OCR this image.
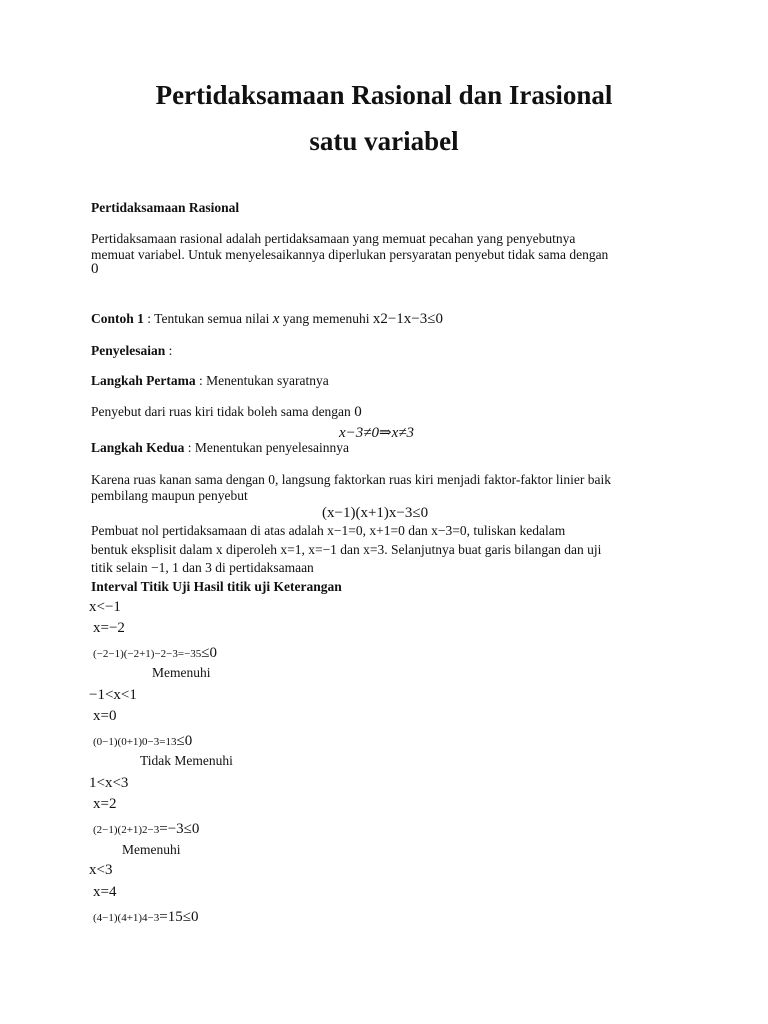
Pertidaksamaan Rasional dan Irasional
satu variabel
Pertidaksamaan Rasional
Pertidaksamaan rasional adalah pertidaksamaan yang memuat pecahan yang penyebutnya
memuat variabel. Untuk menyelesaikannya diperlukan persyaratan penyebut tidak sama dengan
0
Contoh 1 : Tentukan semua nilai x yang memenuhi x2−1x−3≤0
Penyelesaian :
Langkah Pertama : Menentukan syaratnya
Penyebut dari ruas kiri tidak boleh sama dengan 0
x−3≠0⇒x≠3
Langkah Kedua : Menentukan penyelesainnya
Karena ruas kanan sama dengan 0, langsung faktorkan ruas kiri menjadi faktor-faktor linier baik
pembilang maupun penyebut
(x−1)(x+1)x−3≤0
Pembuat nol pertidaksamaan di atas adalah x−1=0, x+1=0 dan x−3=0, tuliskan kedalam
bentuk eksplisit dalam x diperoleh x=1, x=−1 dan x=3. Selanjutnya buat garis bilangan dan uji
titik selain −1, 1 dan 3 di pertidaksamaan
Interval Titik Uji Hasil titik uji Keterangan
x<−1
x=−2
(−2−1)(−2+1)−2−3=−35≤0
Memenuhi
−1<x<1
x=0
(0−1)(0+1)0−3=13≤0
Tidak Memenuhi
1<x<3
x=2
(2−1)(2+1)2−3=−3≤0
Memenuhi
x<3
x=4
(4−1)(4+1)4−3=15≤0
